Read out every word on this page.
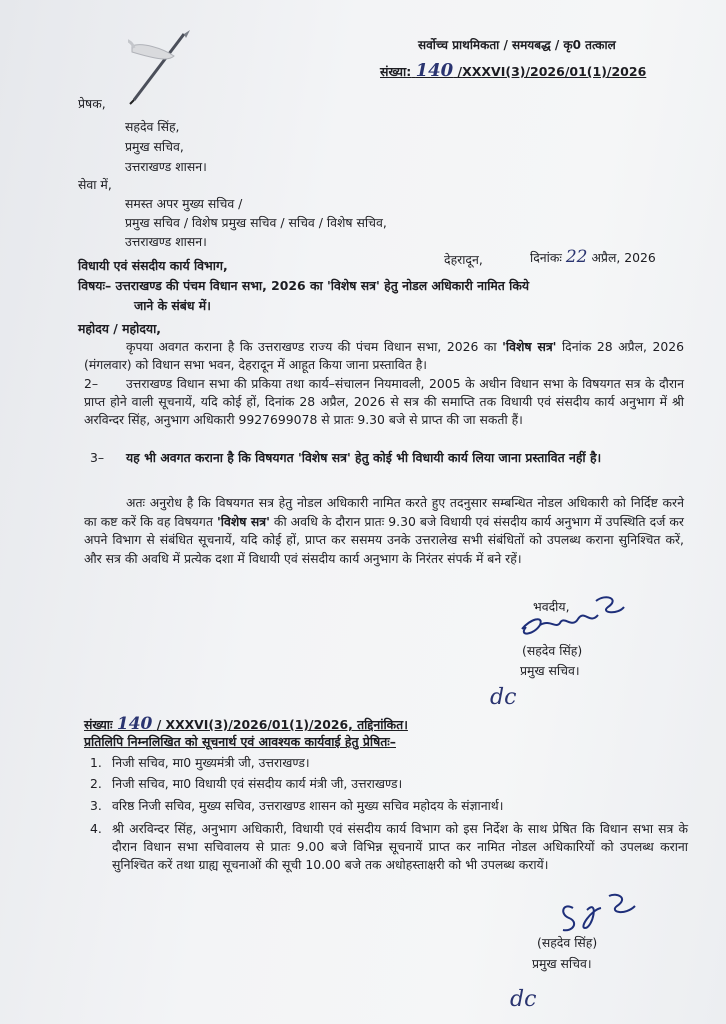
सर्वोच्च प्राथमिकता / समयबद्ध / कृ0 तत्काल
संख्या: 140 /XXXVI(3)/2026/01(1)/2026
प्रेषक,
सहदेव सिंह,
प्रमुख सचिव,
उत्तराखण्ड शासन।
सेवा में,
समस्त अपर मुख्य सचिव /
प्रमुख सचिव / विशेष प्रमुख सचिव / सचिव / विशेष सचिव,
उत्तराखण्ड शासन।
विधायी एवं संसदीय कार्य विभाग,	देहरादून,	दिनांकः 22 अप्रैल, 2026
विषयः– उत्तराखण्ड की पंचम विधान सभा, 2026 का 'विशेष सत्र' हेतु नोडल अधिकारी नामित किये
जाने के संबंध में।
महोदय / महोदया,
कृपया अवगत कराना है कि उत्तराखण्ड राज्य की पंचम विधान सभा, 2026 का 'विशेष सत्र' दिनांक 28 अप्रैल, 2026 (मंगलवार) को विधान सभा भवन, देहरादून में आहूत किया जाना प्रस्तावित है।
2–	उत्तराखण्ड विधान सभा की प्रकिया तथा कार्य–संचालन नियमावली, 2005 के अधीन विधान सभा के विषयगत सत्र के दौरान प्राप्त होने वाली सूचनायें, यदि कोई हों, दिनांक 28 अप्रैल, 2026 से सत्र की समाप्ति तक विधायी एवं संसदीय कार्य अनुभाग में श्री अरविन्दर सिंह, अनुभाग अधिकारी 9927699078 से प्रातः 9.30 बजे से प्राप्त की जा सकती हैं।
3–	यह भी अवगत कराना है कि विषयगत 'विशेष सत्र' हेतु कोई भी विधायी कार्य लिया जाना प्रस्तावित नहीं है।
अतः अनुरोध है कि विषयगत सत्र हेतु नोडल अधिकारी नामित करते हुए तदनुसार सम्बन्धित नोडल अधिकारी को निर्दिष्ट करने का कष्ट करें कि वह विषयगत 'विशेष सत्र' की अवधि के दौरान प्रातः 9.30 बजे विधायी एवं संसदीय कार्य अनुभाग में उपस्थिति दर्ज कर अपने विभाग से संबंधित सूचनायें, यदि कोई हों, प्राप्त कर ससमय उनके उत्तरालेख सभी संबंधितों को उपलब्ध कराना सुनिश्चित करें, और सत्र की अवधि में प्रत्येक दशा में विधायी एवं संसदीय कार्य अनुभाग के निरंतर संपर्क में बने रहें।
भवदीय,
(सहदेव सिंह)
प्रमुख सचिव।
dc
संख्याः 140 / XXXVI(3)/2026/01(1)/2026, तद्दिनांकित।
प्रतिलिपि निम्नलिखित को सूचनार्थ एवं आवश्यक कार्यवाई हेतु प्रेषितः–
1. निजी सचिव, मा0 मुख्यमंत्री जी, उत्तराखण्ड।
2. निजी सचिव, मा0 विधायी एवं संसदीय कार्य मंत्री जी, उत्तराखण्ड।
3. वरिष्ठ निजी सचिव, मुख्य सचिव, उत्तराखण्ड शासन को मुख्य सचिव महोदय के संज्ञानार्थ।
4. श्री अरविन्दर सिंह, अनुभाग अधिकारी, विधायी एवं संसदीय कार्य विभाग को इस निर्देश के साथ प्रेषित कि विधान सभा सत्र के दौरान विधान सभा सचिवालय से प्रातः 9.00 बजे विभिन्न सूचनायें प्राप्त कर नामित नोडल अधिकारियों को उपलब्ध कराना सुनिश्चित करें तथा ग्राह्य सूचनाओं की सूची 10.00 बजे तक अधोहस्ताक्षरी को भी उपलब्ध करायें।
(सहदेव सिंह)
प्रमुख सचिव।
dc
